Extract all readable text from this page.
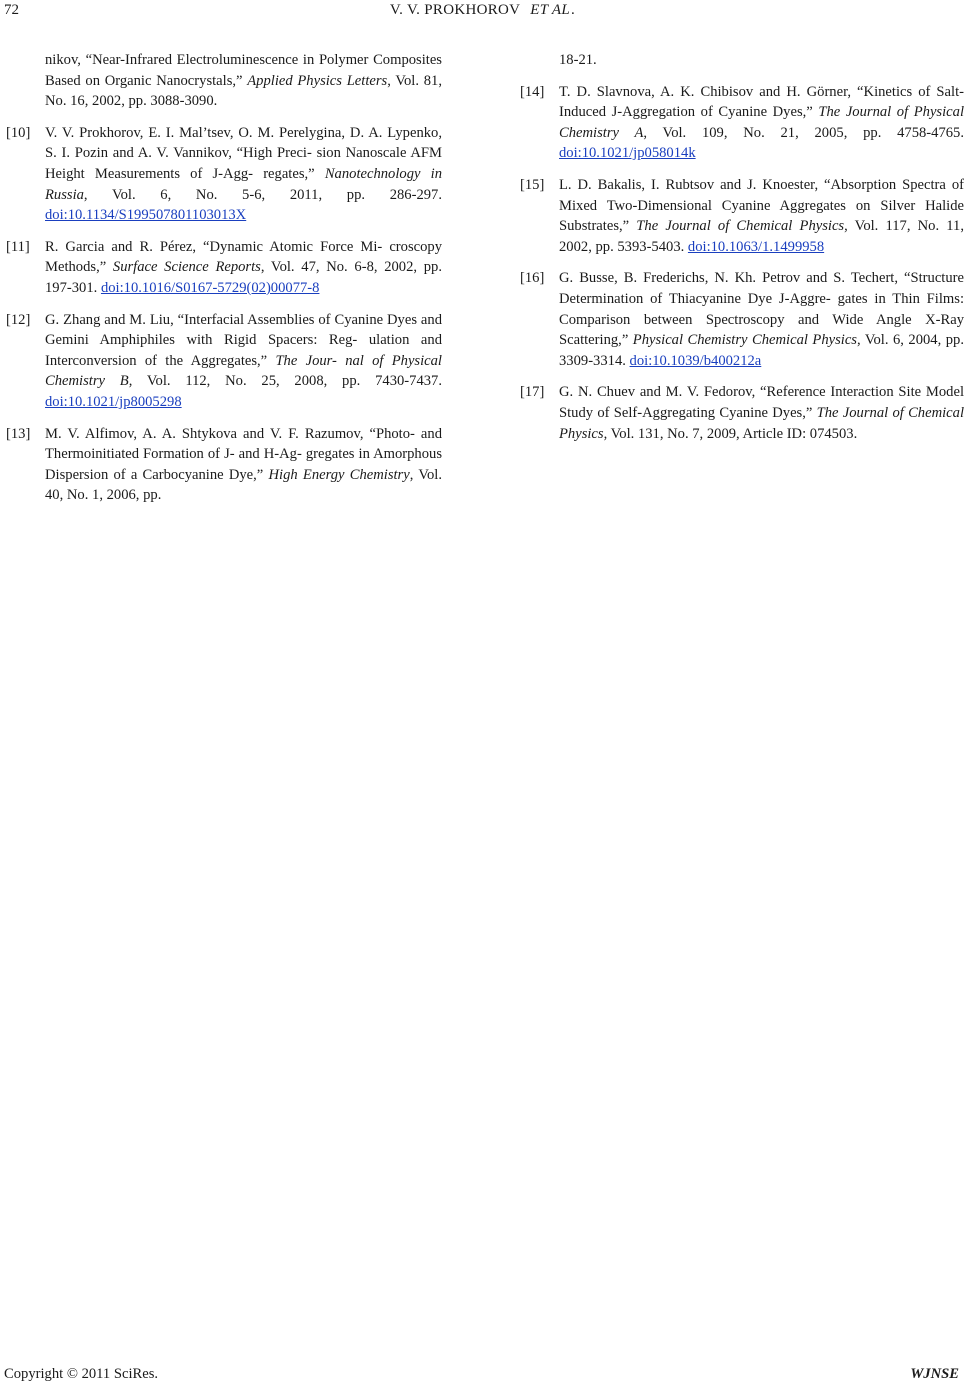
72	V. V. PROKHOROV ET AL.
nikov, “Near-Infrared Electroluminescence in Polymer Composites Based on Organic Nanocrystals,” Applied Physics Letters, Vol. 81, No. 16, 2002, pp. 3088-3090.
[10] V. V. Prokhorov, E. I. Mal’tsev, O. M. Perelygina, D. A. Lypenko, S. I. Pozin and A. V. Vannikov, “High Preci- sion Nanoscale AFM Height Measurements of J-Agg- regates,” Nanotechnology in Russia, Vol. 6, No. 5-6, 2011, pp. 286-297. doi:10.1134/S199507801103013X
[11] R. Garcia and R. Pérez, “Dynamic Atomic Force Mi- croscopy Methods,” Surface Science Reports, Vol. 47, No. 6-8, 2002, pp. 197-301. doi:10.1016/S0167-5729(02)00077-8
[12] G. Zhang and M. Liu, “Interfacial Assemblies of Cyanine Dyes and Gemini Amphiphiles with Rigid Spacers: Reg- ulation and Interconversion of the Aggregates,” The Jour- nal of Physical Chemistry B, Vol. 112, No. 25, 2008, pp. 7430-7437. doi:10.1021/jp8005298
[13] M. V. Alfimov, A. A. Shtykova and V. F. Razumov, “Photo- and Thermoinitiated Formation of J- and H-Ag- gregates in Amorphous Dispersion of a Carbocyanine Dye,” High Energy Chemistry, Vol. 40, No. 1, 2006, pp.
18-21.
[14] T. D. Slavnova, A. K. Chibisov and H. Görner, “Kinetics of Salt-Induced J-Aggregation of Cyanine Dyes,” The Journal of Physical Chemistry A, Vol. 109, No. 21, 2005, pp. 4758-4765. doi:10.1021/jp058014k
[15] L. D. Bakalis, I. Rubtsov and J. Knoester, “Absorption Spectra of Mixed Two-Dimensional Cyanine Aggregates on Silver Halide Substrates,” The Journal of Chemical Physics, Vol. 117, No. 11, 2002, pp. 5393-5403. doi:10.1063/1.1499958
[16] G. Busse, B. Frederichs, N. Kh. Petrov and S. Techert, “Structure Determination of Thiacyanine Dye J-Aggre- gates in Thin Films: Comparison between Spectroscopy and Wide Angle X-Ray Scattering,” Physical Chemistry Chemical Physics, Vol. 6, 2004, pp. 3309-3314. doi:10.1039/b400212a
[17] G. N. Chuev and M. V. Fedorov, “Reference Interaction Site Model Study of Self-Aggregating Cyanine Dyes,” The Journal of Chemical Physics, Vol. 131, No. 7, 2009, Article ID: 074503.
Copyright © 2011 SciRes.	WJNSE
